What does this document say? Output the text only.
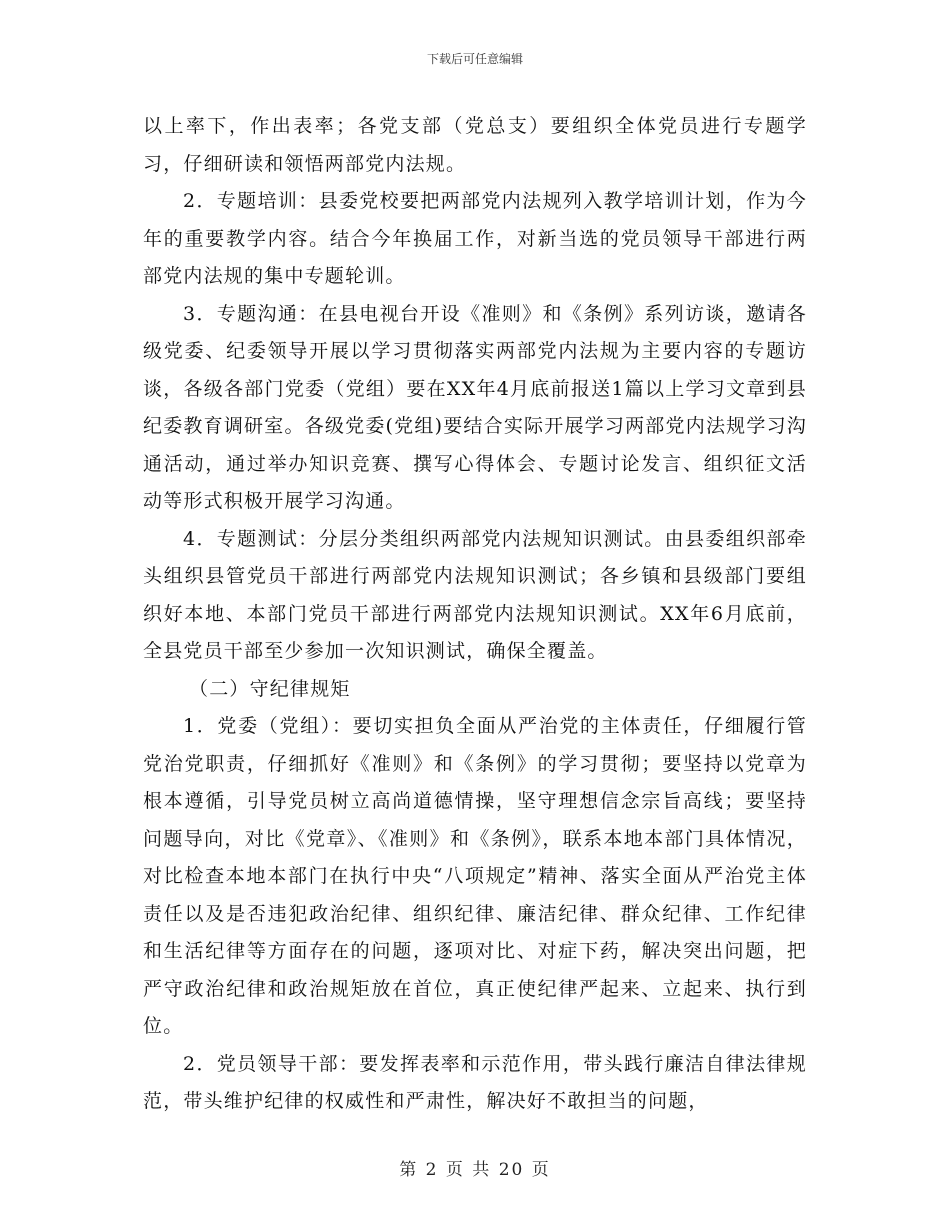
下载后可任意编辑

以上率下，作出表率；各党支部（党总支）要组织全体党员进行专题学习，仔细研读和领悟两部党内法规。

2．专题培训：县委党校要把两部党内法规列入教学培训计划，作为今年的重要教学内容。结合今年换届工作，对新当选的党员领导干部进行两部党内法规的集中专题轮训。

3．专题沟通：在县电视台开设《准则》和《条例》系列访谈，邀请各级党委、纪委领导开展以学习贯彻落实两部党内法规为主要内容的专题访谈，各级各部门党委（党组）要在XX年4月底前报送1篇以上学习文章到县纪委教育调研室。各级党委(党组)要结合实际开展学习两部党内法规学习沟通活动，通过举办知识竞赛、撰写心得体会、专题讨论发言、组织征文活动等形式积极开展学习沟通。

4．专题测试：分层分类组织两部党内法规知识测试。由县委组织部牵头组织县管党员干部进行两部党内法规知识测试；各乡镇和县级部门要组织好本地、本部门党员干部进行两部党内法规知识测试。XX年6月底前，全县党员干部至少参加一次知识测试，确保全覆盖。

（二）守纪律规矩

1．党委（党组）：要切实担负全面从严治党的主体责任，仔细履行管党治党职责，仔细抓好《准则》和《条例》的学习贯彻；要坚持以党章为根本遵循，引导党员树立高尚道德情操，坚守理想信念宗旨高线；要坚持问题导向，对比《党章》、《准则》和《条例》，联系本地本部门具体情况，对比检查本地本部门在执行中央“八项规定”精神、落实全面从严治党主体责任以及是否违犯政治纪律、组织纪律、廉洁纪律、群众纪律、工作纪律和生活纪律等方面存在的问题，逐项对比、对症下药，解决突出问题，把严守政治纪律和政治规矩放在首位，真正使纪律严起来、立起来、执行到位。

2．党员领导干部：要发挥表率和示范作用，带头践行廉洁自律法律规范，带头维护纪律的权威性和严肃性，解决好不敢担当的问题，

第 2 页 共 20 页
